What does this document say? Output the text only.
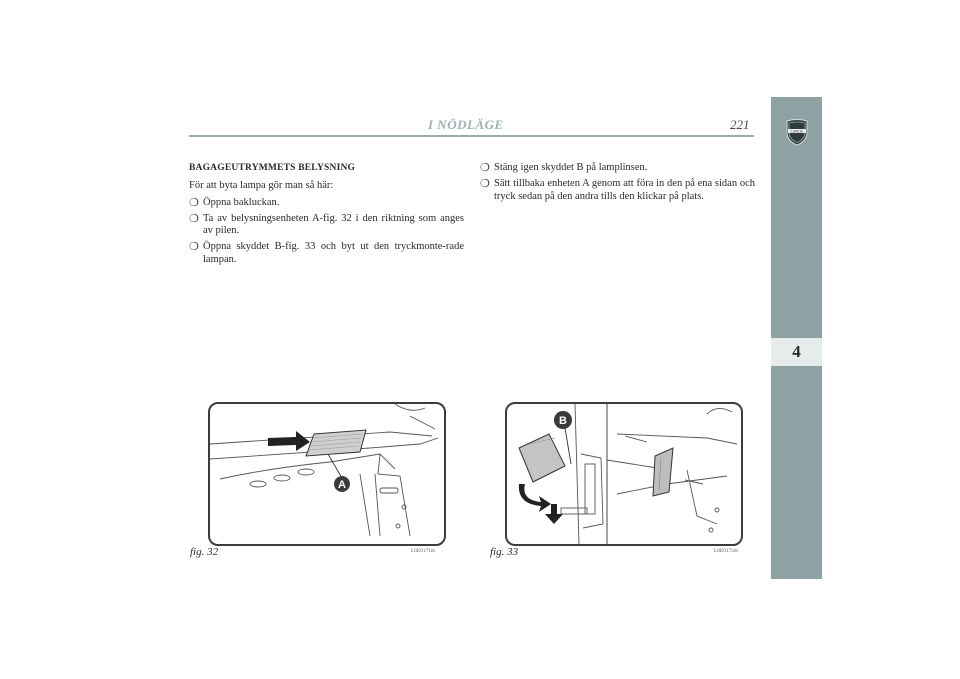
I NÖDLÄGE	221
4
LANCIA
BAGAGEUTRYMMETS BELYSNING
För att byta lampa gör man så här:
❍ Öppna bakluckan.
❍ Ta av belysningsenheten A-fig. 32 i den riktning som anges av pilen.
❍ Öppna skyddet B-fig. 33 och byt ut den tryckmonte-rade lampan.
❍ Stäng igen skyddet B på lamplinsen.
❍ Sätt tillbaka enheten A genom att föra in den på ena sidan och tryck sedan på den andra tills den klickar på plats.
A
fig. 32	L0E0171m
B
fig. 33	L0E0172m
